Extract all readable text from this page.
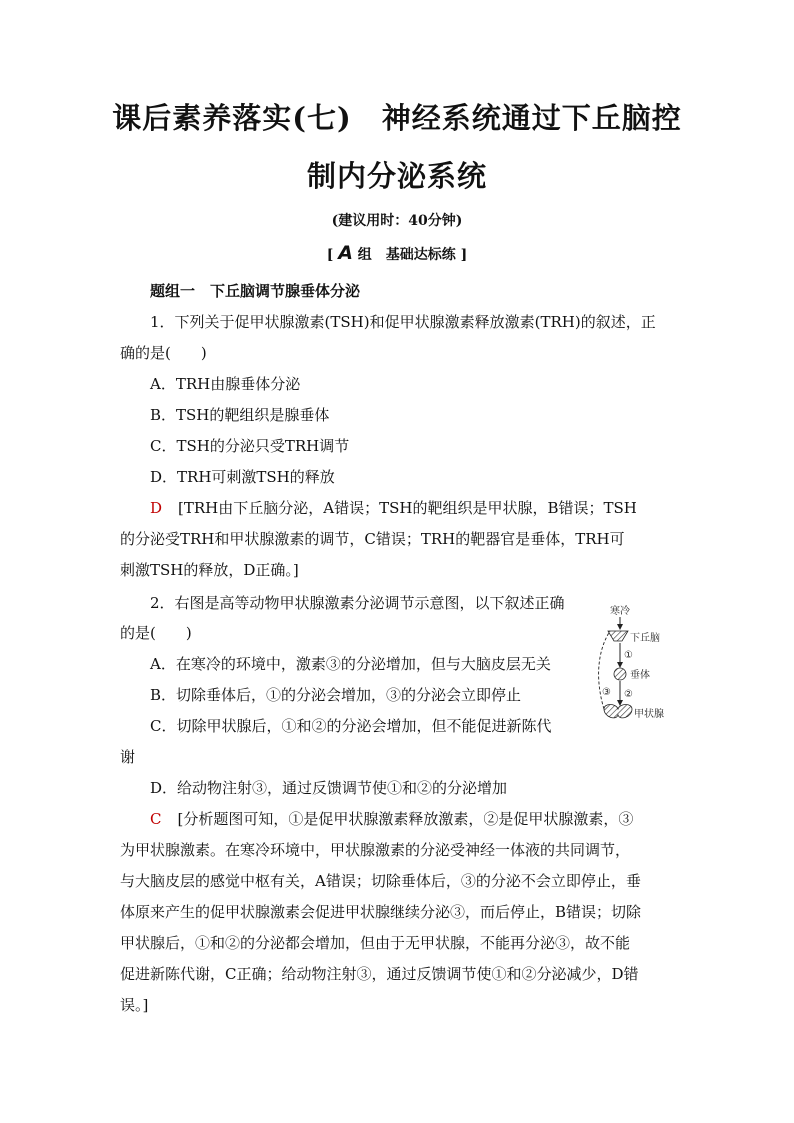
课后素养落实(七)　神经系统通过下丘脑控
制内分泌系统
(建议用时：40分钟)
[ A 组　基础达标练 ]
题组一　下丘脑调节腺垂体分泌
1．下列关于促甲状腺激素(TSH)和促甲状腺激素释放激素(TRH)的叙述，正
确的是(　　)
A．TRH由腺垂体分泌
B．TSH的靶组织是腺垂体
C．TSH的分泌只受TRH调节
D．TRH可刺激TSH的释放
D [TRH由下丘脑分泌，A错误；TSH的靶组织是甲状腺，B错误；TSH
的分泌受TRH和甲状腺激素的调节，C错误；TRH的靶器官是垂体，TRH可
刺激TSH的释放，D正确。]
2．右图是高等动物甲状腺激素分泌调节示意图，以下叙述正确
的是(　　)
A．在寒冷的环境中，激素③的分泌增加，但与大脑皮层无关
B．切除垂体后，①的分泌会增加，③的分泌会立即停止
C．切除甲状腺后，①和②的分泌会增加，但不能促进新陈代
谢
D．给动物注射③，通过反馈调节使①和②的分泌增加
C [分析题图可知，①是促甲状腺激素释放激素，②是促甲状腺激素，③
为甲状腺激素。在寒冷环境中，甲状腺激素的分泌受神经一体液的共同调节，
与大脑皮层的感觉中枢有关，A错误；切除垂体后，③的分泌不会立即停止，垂
体原来产生的促甲状腺激素会促进甲状腺继续分泌③，而后停止，B错误；切除
甲状腺后，①和②的分泌都会增加，但由于无甲状腺，不能再分泌③，故不能
促进新陈代谢，C正确；给动物注射③，通过反馈调节使①和②分泌减少，D错
误。]
寒冷
下丘脑
①
垂体
②
甲状腺
③
